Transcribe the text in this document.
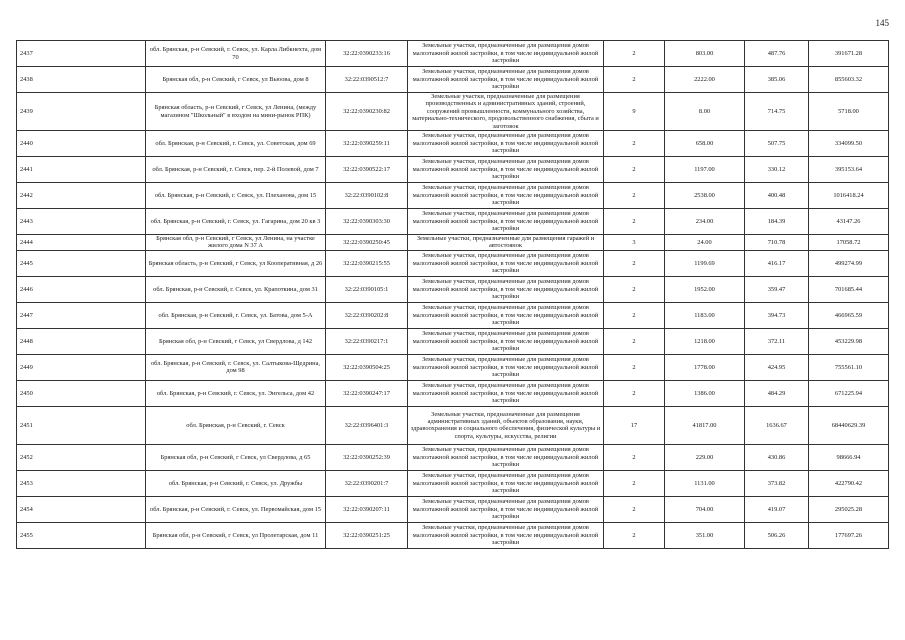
145
2437	обл. Брянская, р-н Севский, г. Севск, ул. Карла Либкнехта, дом 70	32:22:0390233:16	Земельные участки, предназначенные для размещения домов малоэтажной жилой застройки, в том числе индивидуальной жилой застройки	2	803.00	487.76	391671.28
2438	Брянская обл, р-н Севский, г Севск, ул Вьюова, дом 8	32:22:0390512:7	Земельные участки, предназначенные для размещения домов малоэтажной жилой застройки, в том числе индивидуальной жилой застройки	2	2222.00	385.06	855603.32
2439	Брянская область, р-н Севский, г Севск, ул Ленина, (между магазином "Школьный" в входом на мини-рынок РПК)	32:22:0390230:82	Земельные участки, предназначенные для размещения производственных и административных зданий, строений, сооружений промышленности, коммунального хозяйства, материально-технического, продовольственного снабжения, сбыта и заготовок	9	8.00	714.75	5718.00
2440	обл. Брянская, р-н Севский, г. Севск, ул. Советская, дом 69	32:22:0390259:11	Земельные участки, предназначенные для размещения домов малоэтажной жилой застройки, в том числе индивидуальной жилой застройки	2	658.00	507.75	334099.50
2441	обл. Брянская, р-н Севский, г. Севск, пер. 2-й Полевой, дом 7	32:22:0390522:17	Земельные участки, предназначенные для размещения домов малоэтажной жилой застройки, в том числе индивидуальной жилой застройки	2	1197.00	330.12	395153.64
2442	обл. Брянская, р-н Севский, г. Севск, ул. Плеханова, дом 15	32:22:0390102:8	Земельные участки, предназначенные для размещения домов малоэтажной жилой застройки, в том числе индивидуальной жилой застройки	2	2538.00	400.48	1016418.24
2443	обл. Брянская, р-н Севский, г. Севск, ул. Гагарина, дом 20 кв 3	32:22:0390303:30	Земельные участки, предназначенные для размещения домов малоэтажной жилой застройки, в том числе индивидуальной жилой застройки	2	234.00	184.39	43147.26
2444	Брянская обл, р-н Севский, г Севск, ул Ленина, на участке жилого дома N 37 А	32:22:0390250:45	Земельные участки, предназначенные для размещения гаражей и автостоянок	3	24.00	710.78	17058.72
2445	Брянская область, р-н Севский, г Севск, ул Кооперативная, д 26	32:22:0390215:55	Земельные участки, предназначенные для размещения домов малоэтажной жилой застройки, в том числе индивидуальной жилой застройки	2	1199.69	416.17	499274.99
2446	обл. Брянская, р-н Севский, г. Севск, ул. Крапоткина, дом 31	32:22:0390105:1	Земельные участки, предназначенные для размещения домов малоэтажной жилой застройки, в том числе индивидуальной жилой застройки	2	1952.00	359.47	701685.44
2447	обл. Брянская, р-н Севский, г. Севск, ул. Батова, дом 5-А	32:22:0390202:8	Земельные участки, предназначенные для размещения домов малоэтажной жилой застройки, в том числе индивидуальной жилой застройки	2	1183.00	394.73	466965.59
2448	Брянская обл, р-н Севский, г Севск, ул Свердлова, д 142	32:22:0390217:1	Земельные участки, предназначенные для размещения домов малоэтажной жилой застройки, в том числе индивидуальной жилой застройки	2	1218.00	372.11	453229.98
2449	обл. Брянская, р-н Севский, г. Севск, ул. Салтыкова-Щедрина, дом 98	32:22:0390504:25	Земельные участки, предназначенные для размещения домов малоэтажной жилой застройки, в том числе индивидуальной жилой застройки	2	1778.00	424.95	755561.10
2450	обл. Брянская, р-н Севский, г. Севск, ул. Энгельса, дом 42	32:22:0390247:17	Земельные участки, предназначенные для размещения домов малоэтажной жилой застройки, в том числе индивидуальной жилой застройки	2	1386.00	484.29	671225.94
2451	обл. Брянская, р-н Севский, г. Севск	32:22:0396401:3	Земельные участки, предназначенные для размещения административных зданий, объектов образования, науки, здравоохранения и социального обеспечения, физической культуры и спорта, культуры, искусства, религии	17	41817.00	1636.67	68440629.39
2452	Брянская обл, р-н Севский, г Севск, ул Свердлова, д 65	32:22:0390252:39	Земельные участки, предназначенные для размещения домов малоэтажной жилой застройки, в том числе индивидуальной жилой застройки	2	229.00	430.86	98666.94
2453	обл. Брянская, р-н Севский, г. Севск, ул. Дружбы	32:22:0390201:7	Земельные участки, предназначенные для размещения домов малоэтажной жилой застройки, в том числе индивидуальной жилой застройки	2	1131.00	373.82	422790.42
2454	обл. Брянская, р-н Севский, г. Севск, ул. Первомайская, дом 15	32:22:0390207:11	Земельные участки, предназначенные для размещения домов малоэтажной жилой застройки, в том числе индивидуальной жилой застройки	2	704.00	419.07	295025.28
2455	Брянская обл, р-н Севский, г Севск, ул Пролетарская, дом 11	32:22:0390251:25	Земельные участки, предназначенные для размещения домов малоэтажной жилой застройки, в том числе индивидуальной жилой застройки	2	351.00	506.26	177697.26
